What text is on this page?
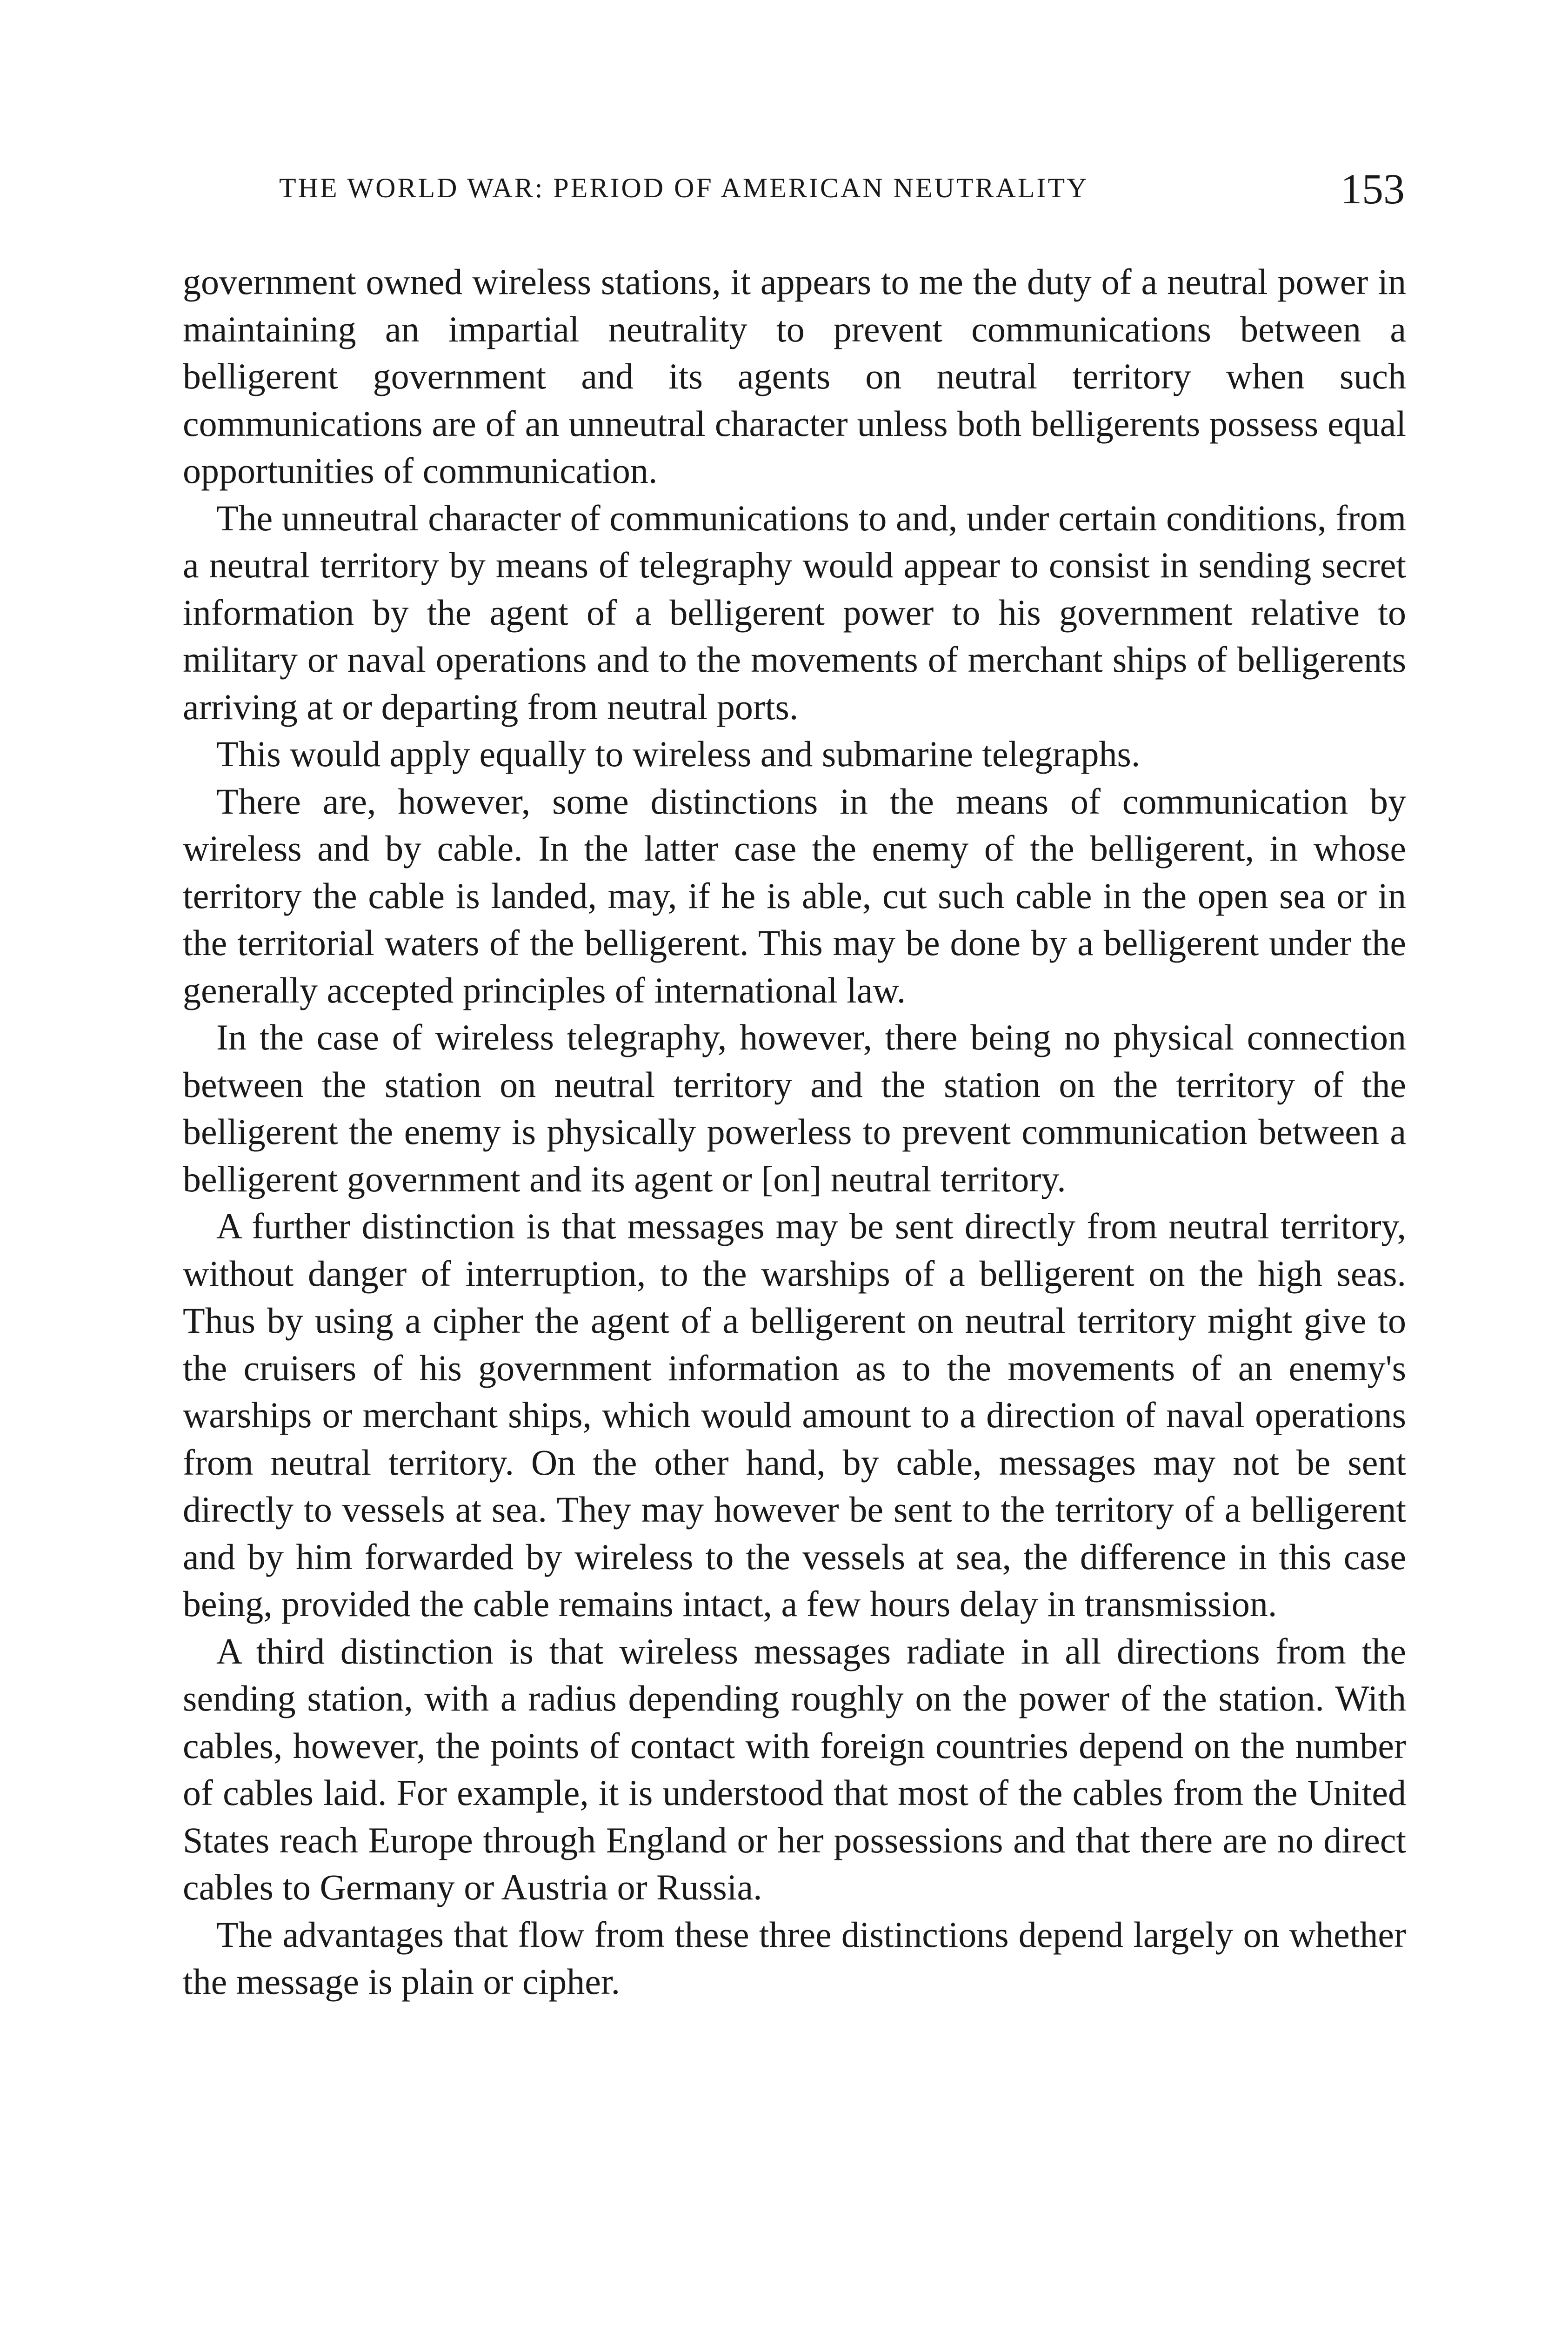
THE WORLD WAR: PERIOD OF AMERICAN NEUTRALITY	153

government owned wireless stations, it appears to me the duty of a neutral power in maintaining an impartial neutrality to prevent communications between a belligerent government and its agents on neutral territory when such communications are of an unneutral character unless both belligerents possess equal opportunities of communication.

The unneutral character of communications to and, under certain conditions, from a neutral territory by means of telegraphy would appear to consist in sending secret information by the agent of a belligerent power to his government relative to military or naval operations and to the movements of merchant ships of belligerents arriving at or departing from neutral ports.

This would apply equally to wireless and submarine telegraphs.

There are, however, some distinctions in the means of communication by wireless and by cable. In the latter case the enemy of the belligerent, in whose territory the cable is landed, may, if he is able, cut such cable in the open sea or in the territorial waters of the belligerent. This may be done by a belligerent under the generally accepted principles of international law.

In the case of wireless telegraphy, however, there being no physical connection between the station on neutral territory and the station on the territory of the belligerent the enemy is physically powerless to prevent communication between a belligerent government and its agent or [on] neutral territory.

A further distinction is that messages may be sent directly from neutral territory, without danger of interruption, to the warships of a belligerent on the high seas. Thus by using a cipher the agent of a belligerent on neutral territory might give to the cruisers of his government information as to the movements of an enemy's warships or merchant ships, which would amount to a direction of naval operations from neutral territory. On the other hand, by cable, messages may not be sent directly to vessels at sea. They may however be sent to the territory of a belligerent and by him forwarded by wireless to the vessels at sea, the difference in this case being, provided the cable remains intact, a few hours delay in transmission.

A third distinction is that wireless messages radiate in all directions from the sending station, with a radius depending roughly on the power of the station. With cables, however, the points of contact with foreign countries depend on the number of cables laid. For example, it is understood that most of the cables from the United States reach Europe through England or her possessions and that there are no direct cables to Germany or Austria or Russia.

The advantages that flow from these three distinctions depend largely on whether the message is plain or cipher.
